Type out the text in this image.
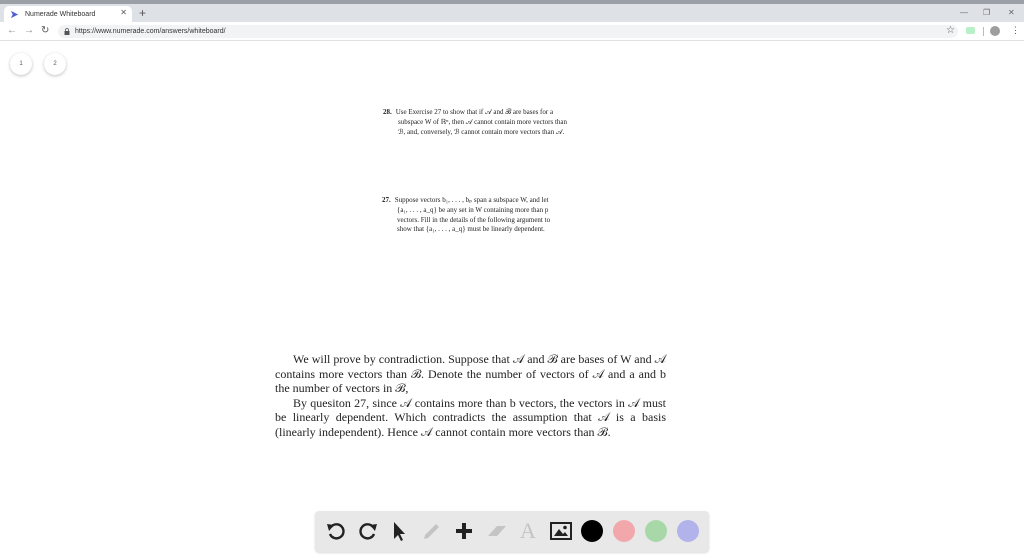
Numerade Whiteboard	✕ +	— ❐ ✕
← → ↻	https://www.numerade.com/answers/whiteboard/	☆	⋮
1	2
28. Use Exercise 27 to show that if 𝒜 and ℬ are bases for a
subspace W of ℝⁿ, then 𝒜 cannot contain more vectors than
ℬ, and, conversely, ℬ cannot contain more vectors than 𝒜.
27. Suppose vectors b₁, . . . , bₚ span a subspace W, and let
{a₁, . . . , a_q} be any set in W containing more than p
vectors. Fill in the details of the following argument to
show that {a₁, . . . , a_q} must be linearly dependent.

We will prove by contradiction. Suppose that 𝒜 and ℬ are bases of W and 𝒜 contains more vectors than ℬ. Denote the number of vectors of 𝒜 and a and b the number of vectors in ℬ,

By quesiton 27, since 𝒜 contains more than b vectors, the vectors in 𝒜 must be linearly dependent. Which contradicts the assumption that 𝒜 is a basis (linearly independent). Hence 𝒜 cannot contain more vectors than ℬ.

A
